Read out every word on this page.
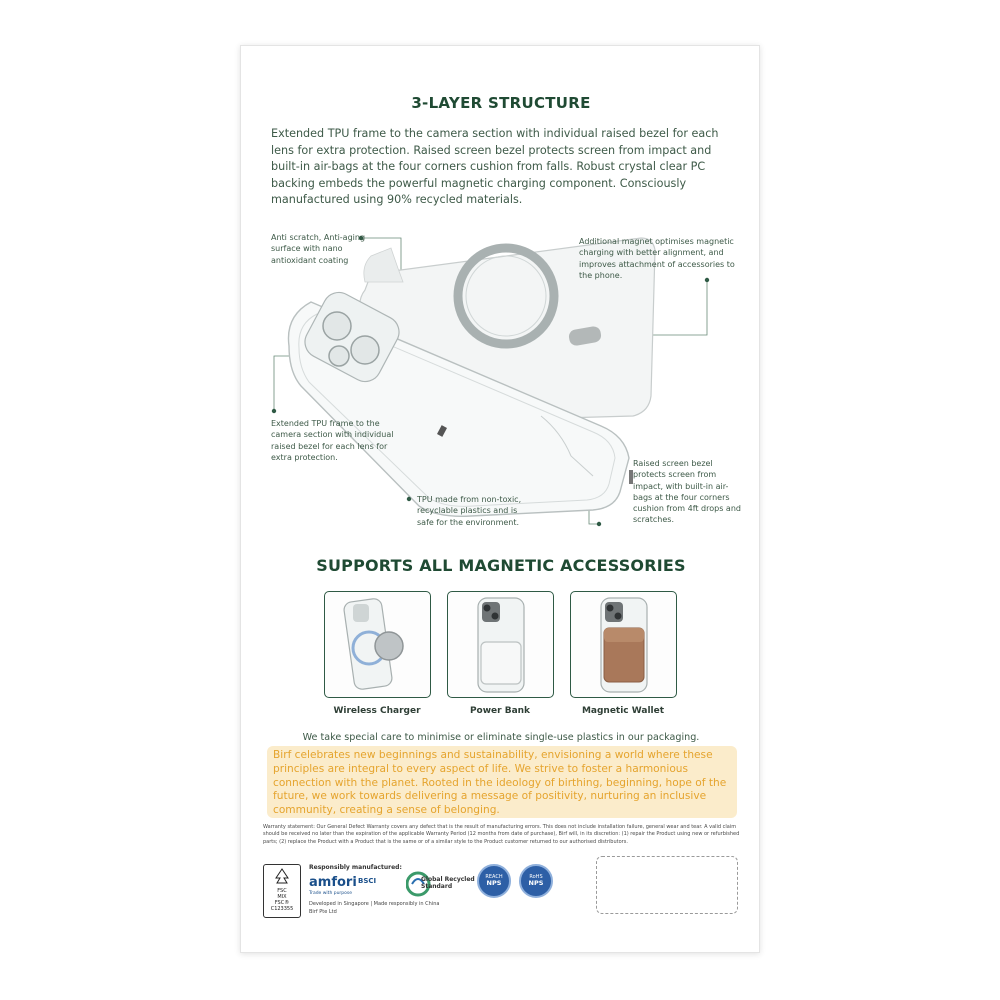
3-LAYER STRUCTURE
Extended TPU frame to the camera section with individual raised bezel for each lens for extra protection. Raised screen bezel protects screen from impact and built-in air-bags at the four corners cushion from falls. Robust crystal clear PC backing embeds the powerful magnetic charging component. Consciously manufactured using 90% recycled materials.
Anti scratch, Anti-aging surface with nano antioxidant coating
Additional magnet optimises magnetic charging with better alignment, and improves attachment of accessories to the phone.
Extended TPU frame to the camera section with individual raised bezel for each lens for extra protection.
Raised screen bezel protects screen from impact, with built-in air-bags at the four corners cushion from 4ft drops and scratches.
TPU made from non-toxic, recyclable plastics and is safe for the environment.
SUPPORTS ALL MAGNETIC ACCESSORIES
Wireless Charger	Power Bank	Magnetic Wallet
We take special care to minimise or eliminate single-use plastics in our packaging.
Birf celebrates new beginnings and sustainability, envisioning a world where these principles are integral to every aspect of life. We strive to foster a harmonious connection with the planet. Rooted in the ideology of birthing, beginning, hope of the future, we work towards delivering a message of positivity, nurturing an inclusive community, creating a sense of belonging.
Warranty statement: Our General Defect Warranty covers any defect that is the result of manufacturing errors. This does not include installation failure, general wear and tear. A valid claim should be received no later than the expiration of the applicable Warranty Period (12 months from date of purchase), Birf will, in its discretion: (1) repair the Product using new or refurbished parts; (2) replace the Product with a Product that is the same or of a similar style to the Product customer returned to our authorised distributors.
FSC
MIX
FSC® C123355
Responsibly manufactured:
amfori
Trade with purpose
BSCI	Global Recycled
Standard
REACH
NPS
RoHS
NPS
Developed in Singapore | Made responsibly in China
Birf Pte Ltd
